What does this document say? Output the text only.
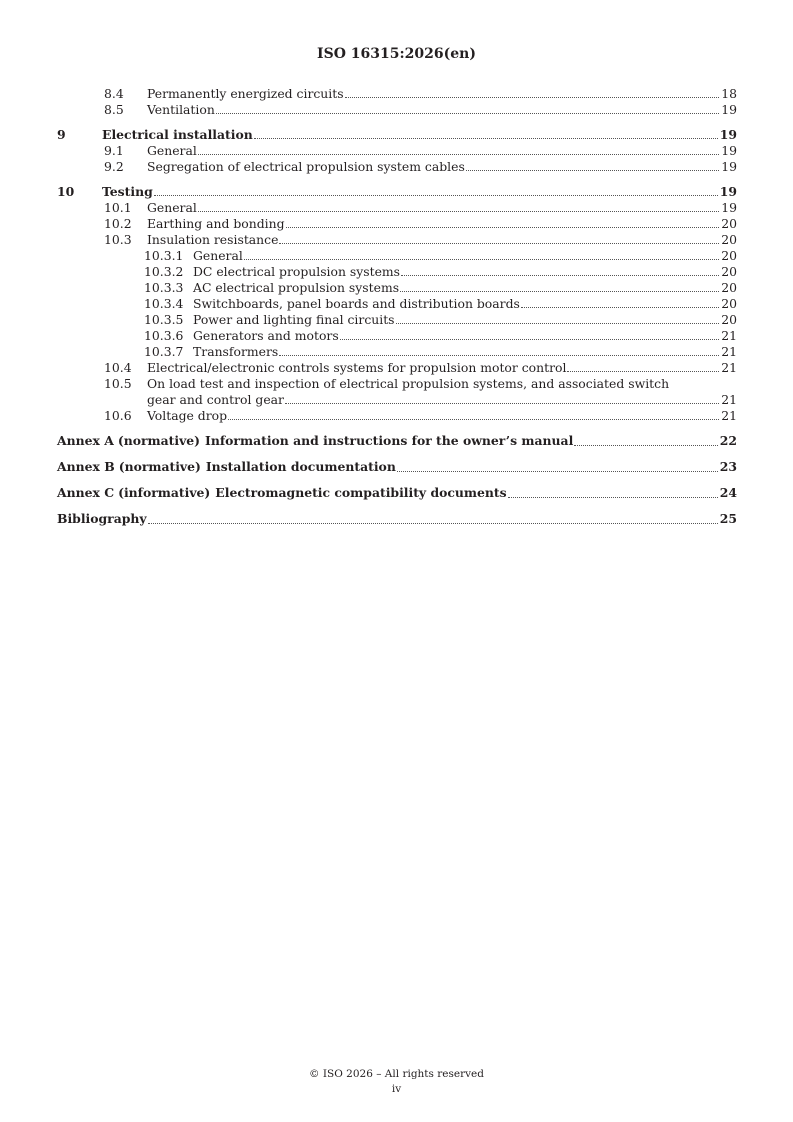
ISO 16315:2026(en)
8.4 Permanently energized circuits	18
8.5 Ventilation	19
9	Electrical installation	19
9.1 General	19
9.2 Segregation of electrical propulsion system cables	19
10 Testing	19
10.1 General	19
10.2 Earthing and bonding	20
10.3 Insulation resistance	20
10.3.1 General	20
10.3.2 DC electrical propulsion systems	20
10.3.3 AC electrical propulsion systems	20
10.3.4 Switchboards, panel boards and distribution boards	20
10.3.5 Power and lighting final circuits	20
10.3.6 Generators and motors	21
10.3.7 Transformers	21
10.4 Electrical/electronic controls systems for propulsion motor control	21
10.5 On load test and inspection of electrical propulsion systems, and associated switch
gear and control gear	21
10.6 Voltage drop	21
Annex A (normative) Information and instructions for the owner’s manual	22
Annex B (normative) Installation documentation	23
Annex C (informative) Electromagnetic compatibility documents	24
Bibliography	25
© ISO 2026 – All rights reserved
iv
